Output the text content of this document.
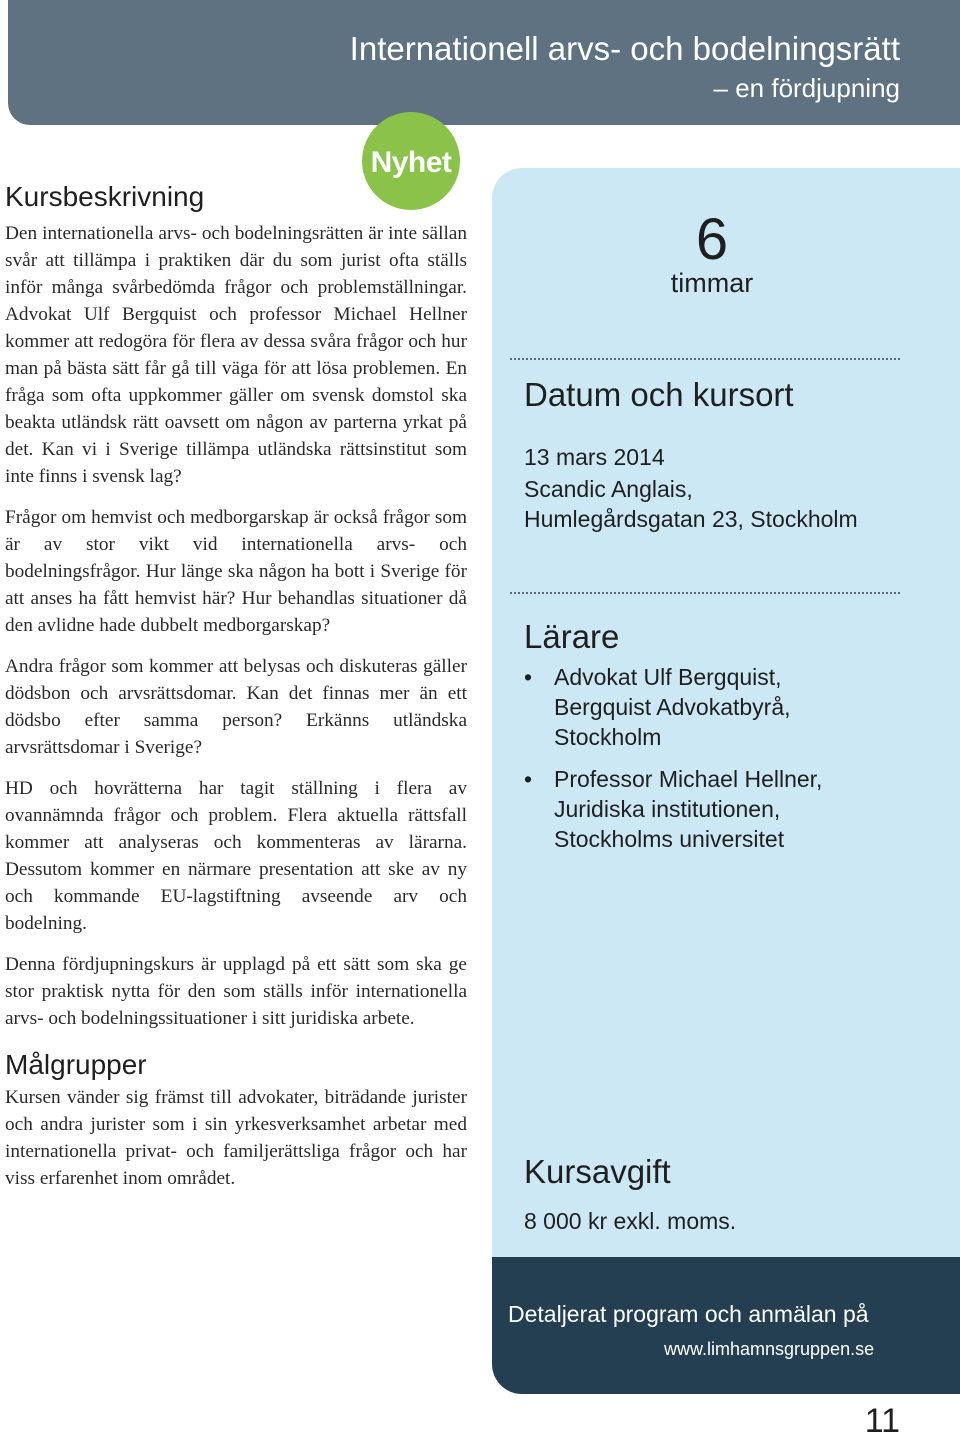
Internationell arvs- och bodelningsrätt
– en fördjupning
Nyhet
Kursbeskrivning

Den internationella arvs- och bodelningsrätten är inte sällan svår att tillämpa i praktiken där du som jurist ofta ställs inför många svårbedömda frågor och problemställningar. Advokat Ulf Bergquist och professor Michael Hellner kommer att redogöra för flera av dessa svåra frågor och hur man på bästa sätt får gå till väga för att lösa problemen. En fråga som ofta uppkommer gäller om svensk domstol ska beakta utländsk rätt oavsett om någon av parterna yrkat på det. Kan vi i Sverige tillämpa utländska rättsinstitut som inte finns i svensk lag?

Frågor om hemvist och medborgarskap är också frågor som är av stor vikt vid internationella arvs- och bodelningsfrågor. Hur länge ska någon ha bott i Sverige för att anses ha fått hemvist här? Hur behandlas situationer då den avlidne hade dubbelt medborgarskap?

Andra frågor som kommer att belysas och diskuteras gäller dödsbon och arvsrättsdomar. Kan det finnas mer än ett dödsbo efter samma person? Erkänns utländska arvsrättsdomar i Sverige?

HD och hovrätterna har tagit ställning i flera av ovannämnda frågor och problem. Flera aktuella rättsfall kommer att analyseras och kommenteras av lärarna. Dessutom kommer en närmare presentation att ske av ny och kommande EU-lagstiftning avseende arv och bodelning.

Denna fördjupningskurs är upplagd på ett sätt som ska ge stor praktisk nytta för den som ställs inför internationella arvs- och bodelningssituationer i sitt juridiska arbete.

Målgrupper

Kursen vänder sig främst till advokater, biträdande jurister och andra jurister som i sin yrkesverksamhet arbetar med internationella privat- och familjerättsliga frågor och har viss erfarenhet inom området.

6
timmar
Datum och kursort
13 mars 2014
Scandic Anglais,
Humlegårdsgatan 23, Stockholm
Lärare
• Advokat Ulf Bergquist,
Bergquist Advokatbyrå,
Stockholm
• Professor Michael Hellner,
Juridiska institutionen,
Stockholms universitet
Kursavgift
8 000 kr exkl. moms.
Detaljerat program och anmälan på
www.limhamnsgruppen.se
11
